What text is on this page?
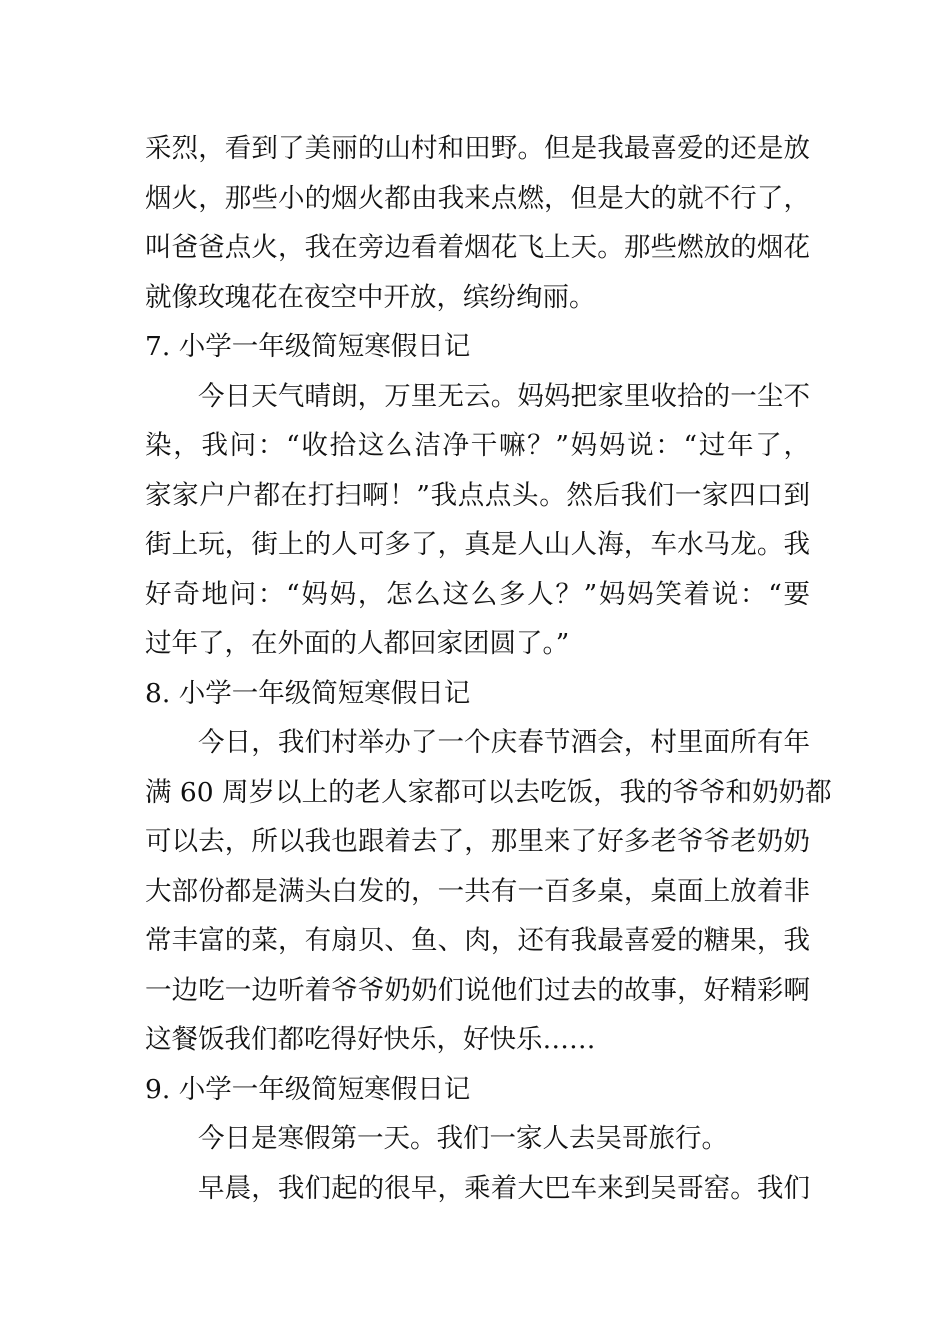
采烈，看到了美丽的山村和田野。但是我最喜爱的还是放
烟火，那些小的烟火都由我来点燃，但是大的就不行了，
叫爸爸点火，我在旁边看着烟花飞上天。那些燃放的烟花
就像玫瑰花在夜空中开放，缤纷绚丽。
7. 小学一年级简短寒假日记
今日天气晴朗，万里无云。妈妈把家里收拾的一尘不
染，我问：“收拾这么洁净干嘛？”妈妈说：“过年了，
家家户户都在打扫啊！”我点点头。然后我们一家四口到
街上玩，街上的人可多了，真是人山人海，车水马龙。我
好奇地问：“妈妈，怎么这么多人？”妈妈笑着说：“要
过年了，在外面的人都回家团圆了。”
8. 小学一年级简短寒假日记
今日，我们村举办了一个庆春节酒会，村里面所有年
满 60 周岁以上的老人家都可以去吃饭，我的爷爷和奶奶都
可以去，所以我也跟着去了，那里来了好多老爷爷老奶奶
大部份都是满头白发的，一共有一百多桌，桌面上放着非
常丰富的菜，有扇贝、鱼、肉，还有我最喜爱的糖果，我
一边吃一边听着爷爷奶奶们说他们过去的故事，好精彩啊
这餐饭我们都吃得好快乐，好快乐……
9. 小学一年级简短寒假日记
今日是寒假第一天。我们一家人去吴哥旅行。
早晨，我们起的很早，乘着大巴车来到吴哥窑。我们
